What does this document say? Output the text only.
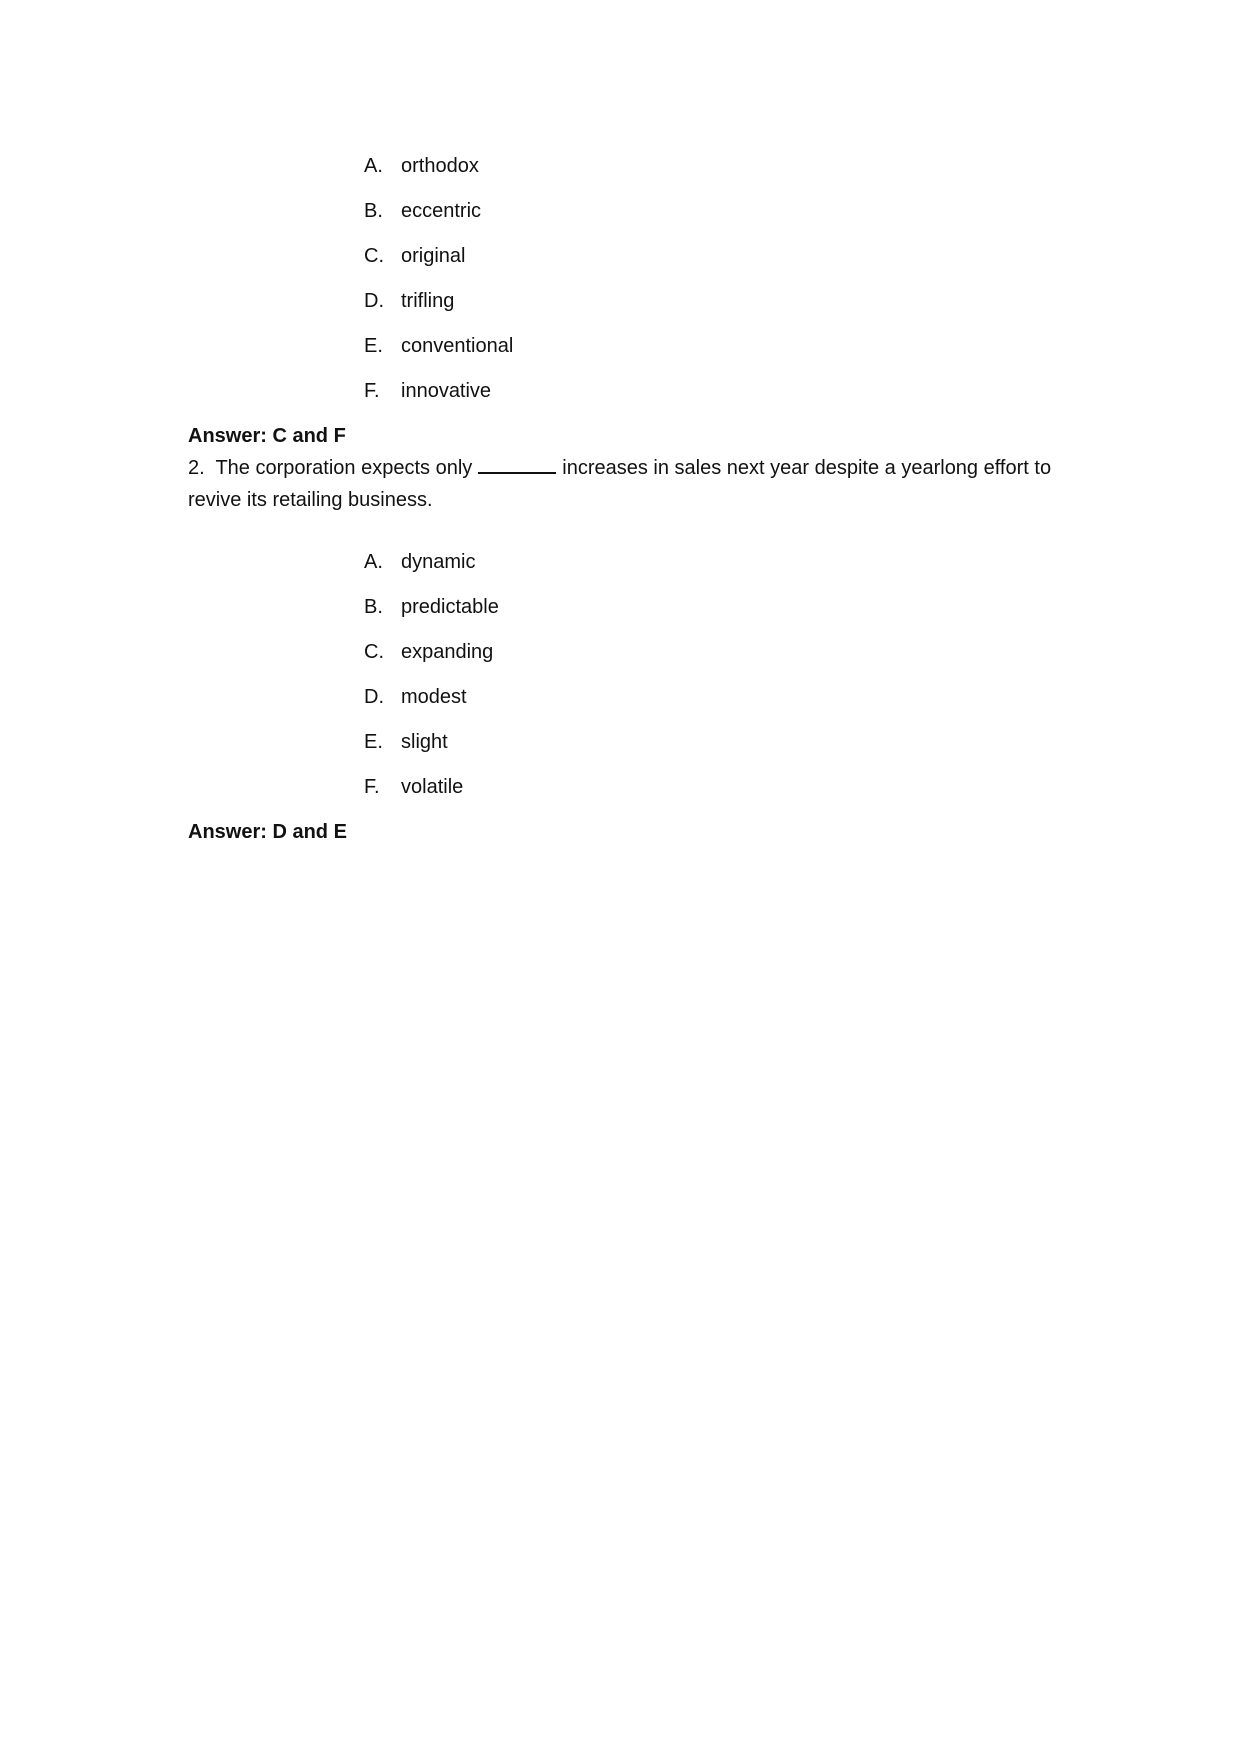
A. orthodox
B. eccentric
C. original
D. trifling
E. conventional
F. innovative
Answer: C and F
2. The corporation expects only	increases in sales next year despite a yearlong effort to revive its retailing business.
A. dynamic
B. predictable
C. expanding
D. modest
E. slight
F. volatile
Answer: D and E
